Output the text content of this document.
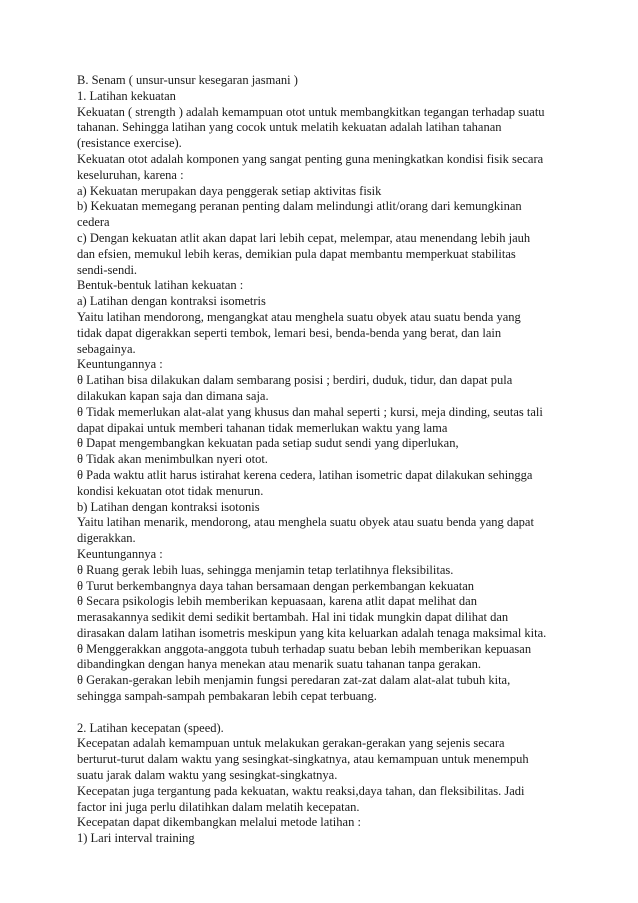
B. Senam ( unsur-unsur kesegaran jasmani )
1. Latihan kekuatan
Kekuatan ( strength ) adalah kemampuan otot untuk membangkitkan tegangan terhadap suatu
tahanan. Sehingga latihan yang cocok untuk melatih kekuatan adalah latihan tahanan
(resistance exercise).
Kekuatan otot adalah komponen yang sangat penting guna meningkatkan kondisi fisik secara
keseluruhan, karena :
a) Kekuatan merupakan daya penggerak setiap aktivitas fisik
b) Kekuatan memegang peranan penting dalam melindungi atlit/orang dari kemungkinan
cedera
c) Dengan kekuatan atlit akan dapat lari lebih cepat, melempar, atau menendang lebih jauh
dan efsien, memukul lebih keras, demikian pula dapat membantu memperkuat stabilitas
sendi-sendi.
Bentuk-bentuk latihan kekuatan :
a) Latihan dengan kontraksi isometris
Yaitu latihan mendorong, mengangkat atau menghela suatu obyek atau suatu benda yang
tidak dapat digerakkan seperti tembok, lemari besi, benda-benda yang berat, dan lain
sebagainya.
Keuntungannya :
θ Latihan bisa dilakukan dalam sembarang posisi ; berdiri, duduk, tidur, dan dapat pula
dilakukan kapan saja dan dimana saja.
θ Tidak memerlukan alat-alat yang khusus dan mahal seperti ; kursi, meja dinding, seutas tali
dapat dipakai untuk memberi tahanan tidak memerlukan waktu yang lama
θ Dapat mengembangkan kekuatan pada setiap sudut sendi yang diperlukan,
θ Tidak akan menimbulkan nyeri otot.
θ Pada waktu atlit harus istirahat kerena cedera, latihan isometric dapat dilakukan sehingga
kondisi kekuatan otot tidak menurun.
b) Latihan dengan kontraksi isotonis
Yaitu latihan menarik, mendorong, atau menghela suatu obyek atau suatu benda yang dapat
digerakkan.
Keuntungannya :
θ Ruang gerak lebih luas, sehingga menjamin tetap terlatihnya fleksibilitas.
θ Turut berkembangnya daya tahan bersamaan dengan perkembangan kekuatan
θ Secara psikologis lebih memberikan kepuasaan, karena atlit dapat melihat dan
merasakannya sedikit demi sedikit bertambah. Hal ini tidak mungkin dapat dilihat dan
dirasakan dalam latihan isometris meskipun yang kita keluarkan adalah tenaga maksimal kita.
θ Menggerakkan anggota-anggota tubuh terhadap suatu beban lebih memberikan kepuasan
dibandingkan dengan hanya menekan atau menarik suatu tahanan tanpa gerakan.
θ Gerakan-gerakan lebih menjamin fungsi peredaran zat-zat dalam alat-alat tubuh kita,
sehingga sampah-sampah pembakaran lebih cepat terbuang.
2. Latihan kecepatan (speed).
Kecepatan adalah kemampuan untuk melakukan gerakan-gerakan yang sejenis secara
berturut-turut dalam waktu yang sesingkat-singkatnya, atau kemampuan untuk menempuh
suatu jarak dalam waktu yang sesingkat-singkatnya.
Kecepatan juga tergantung pada kekuatan, waktu reaksi,daya tahan, dan fleksibilitas. Jadi
factor ini juga perlu dilatihkan dalam melatih kecepatan.
Kecepatan dapat dikembangkan melalui metode latihan :
1) Lari interval training
